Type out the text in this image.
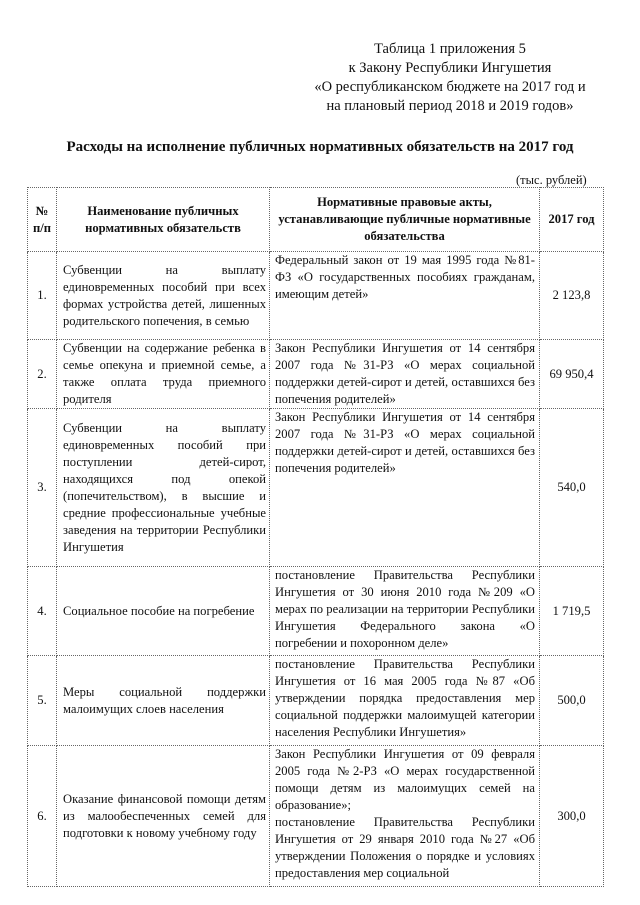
Таблица 1 приложения 5
к Закону Республики Ингушетия
«О республиканском бюджете на 2017 год и
на плановый период 2018 и 2019 годов»
Расходы на исполнение публичных нормативных обязательств на 2017 год
(тыс. рублей)
№ п/п	Наименование публичных нормативных обязательств	Нормативные правовые акты, устанавливающие публичные нормативные обязательства	2017 год
1.	Субвенции на выплату единовременных пособий при всех формах устройства детей, лишенных родительского попечения, в семью	Федеральный закон от 19 мая 1995 года №81-ФЗ «О государственных пособиях гражданам, имеющим детей»	2 123,8
2.	Субвенции на содержание ребенка в семье опекуна и приемной семье, а также оплата труда приемного родителя	Закон Республики Ингушетия от 14 сентября 2007 года №31-РЗ «О мерах социальной поддержки детей-сирот и детей, оставшихся без попечения родителей»	69 950,4
3.	Субвенции на выплату единовременных пособий при поступлении детей-сирот, находящихся под опекой (попечительством), в высшие и средние профессиональные учебные заведения на территории Республики Ингушетия	Закон Республики Ингушетия от 14 сентября 2007 года №31-РЗ «О мерах социальной поддержки детей-сирот и детей, оставшихся без попечения родителей»	540,0
4.	Социальное пособие на погребение	постановление Правительства Республики Ингушетия от 30 июня 2010 года №209 «О мерах по реализации на территории Республики Ингушетия Федерального закона «О погребении и похоронном деле»	1 719,5
5.	Меры социальной поддержки малоимущих слоев населения	постановление Правительства Республики Ингушетия от 16 мая 2005 года №87 «Об утверждении порядка предоставления мер социальной поддержки малоимущей категории населения Республики Ингушетия»	500,0
6.	Оказание финансовой помощи детям из малообеспеченных семей для подготовки к новому учебному году	Закон Республики Ингушетия от 09 февраля 2005 года №2-РЗ «О мерах государственной помощи детям из малоимущих семей на образование»;
постановление Правительства Республики Ингушетия от 29 января 2010 года №27 «Об утверждении Положения о порядке и условиях предоставления мер социальной	300,0
